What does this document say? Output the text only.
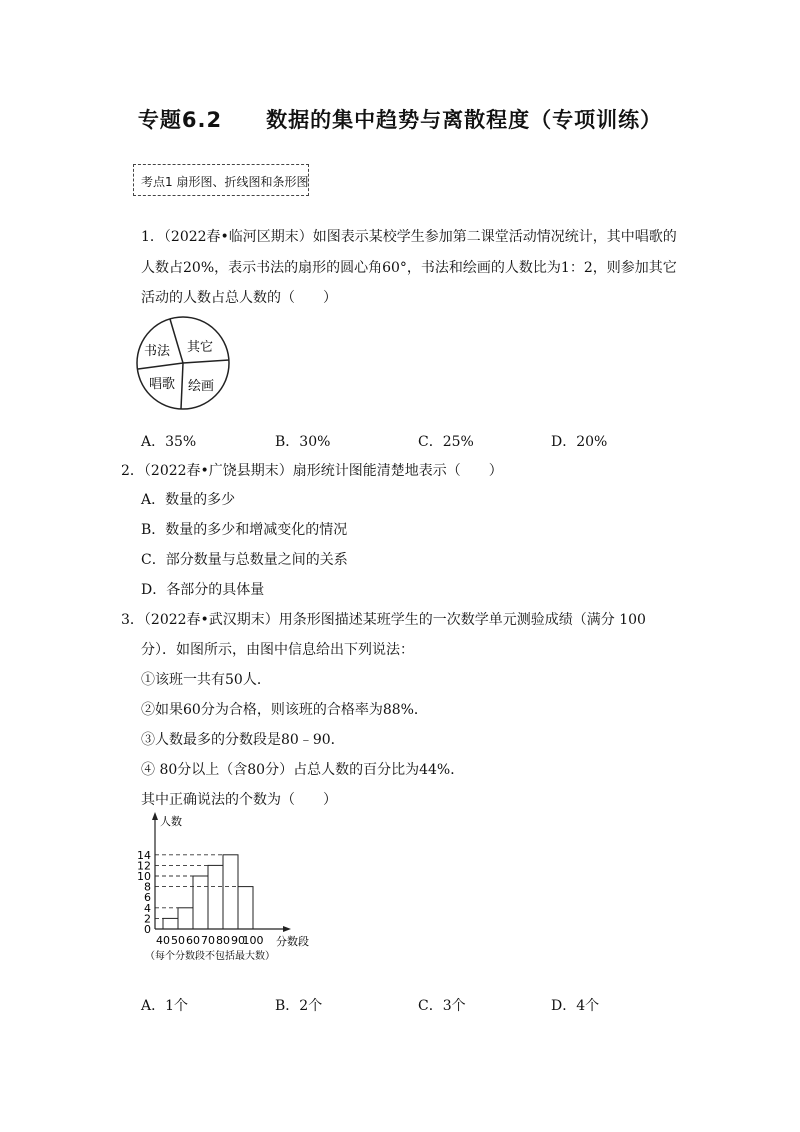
专题6.2　　数据的集中趋势与离散程度（专项训练）
考点1 扇形图、折线图和条形图
1．（2022春•临河区期末）如图表示某校学生参加第二课堂活动情况统计，其中唱歌的
人数占20%，表示书法的扇形的圆心角60°，书法和绘画的人数比为1：2，则参加其它
活动的人数占总人数的（　　）
书法 其它
唱歌 绘画
A．35%	B．30%	C．25%	D．20%
2．（2022春•广饶县期末）扇形统计图能清楚地表示（　　）
A．数量的多少
B．数量的多少和增减变化的情况
C．部分数量与总数量之间的关系
D．各部分的具体量
3．（2022春•武汉期末）用条形图描述某班学生的一次数学单元测验成绩（满分 100
分）．如图所示，由图中信息给出下列说法：
①该班一共有50人．
②如果60分为合格，则该班的合格率为88%．
③人数最多的分数段是80﹣90．
④ 80分以上（含80分）占总人数的百分比为44%．
其中正确说法的个数为（　　）
0
2
4
6
8
10
12
14
40 50 60 70 80 90
100
人数
分数段
（每个分数段不包括最大数）
A．1个	B．2个	C．3个	D．4个
